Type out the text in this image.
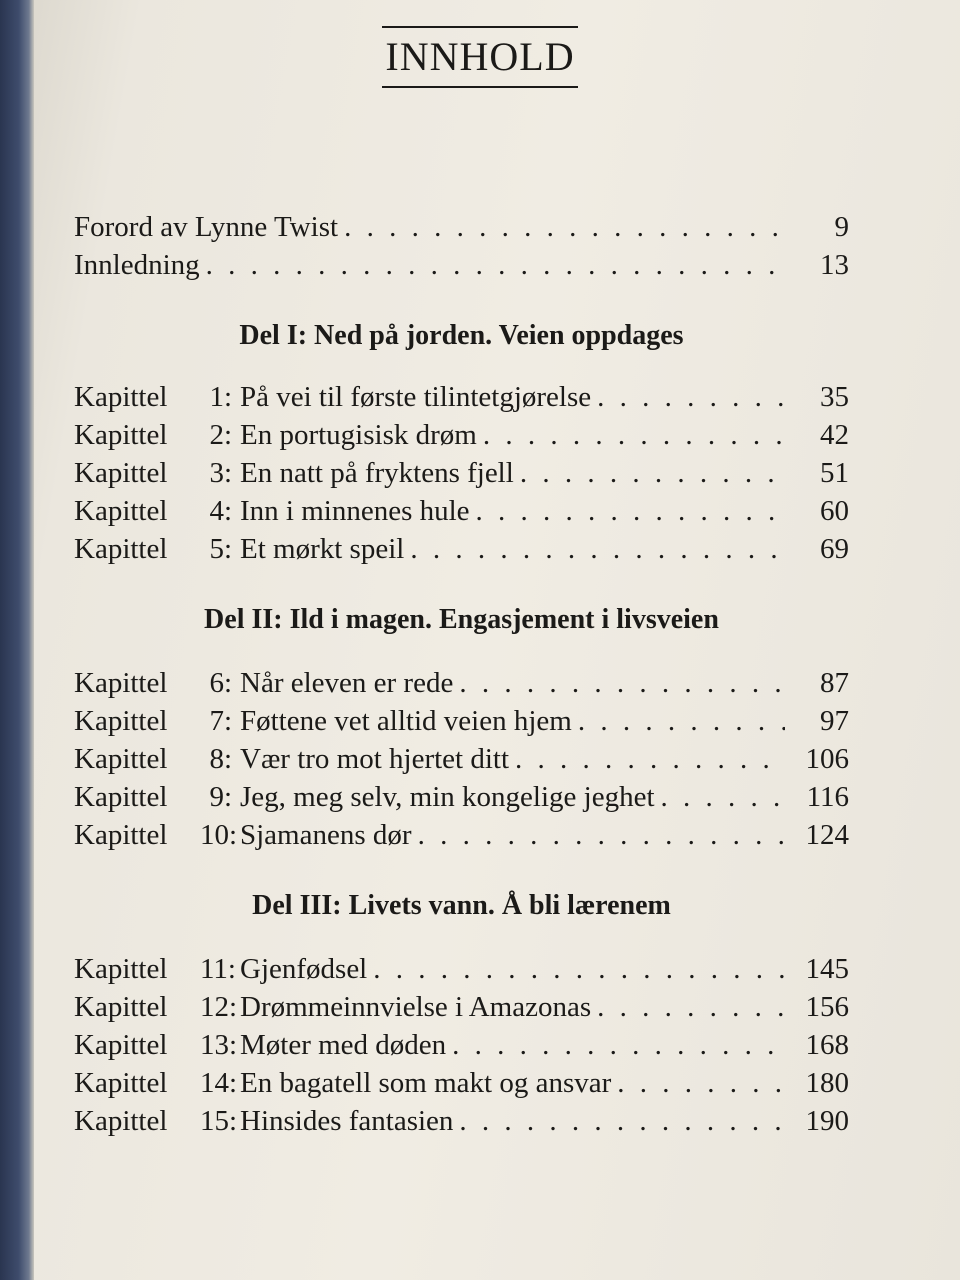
INNHOLD
Forord av Lynne Twist . . .	9
Innledning . . .	13
Del I: Ned på jorden. Veien oppdages
Kapittel	1: På vei til første tilintetgjørelse . . .	35
Kapittel	2: En portugisisk drøm . . .	42
Kapittel	3: En natt på fryktens fjell . . .	51
Kapittel	4: Inn i minnenes hule . . .	60
Kapittel	5: Et mørkt speil . . .	69
Del II: Ild i magen. Engasjement i livsveien
Kapittel	6: Når eleven er rede . . .	87
Kapittel	7: Føttene vet alltid veien hjem . . .	97
Kapittel	8: Vær tro mot hjertet ditt . . .	106
Kapittel	9: Jeg, meg selv, min kongelige jeghet . . .	116
Kapittel	10: Sjamanens dør . . .	124
Del III: Livets vann. Å bli lærenem
Kapittel	11: Gjenfødsel . . .	145
Kapittel	12: Drømmeinnvielse i Amazonas . . .	156
Kapittel	13: Møter med døden . . .	168
Kapittel	14: En bagatell som makt og ansvar . . .	180
Kapittel	15: Hinsides fantasien . . .	190
